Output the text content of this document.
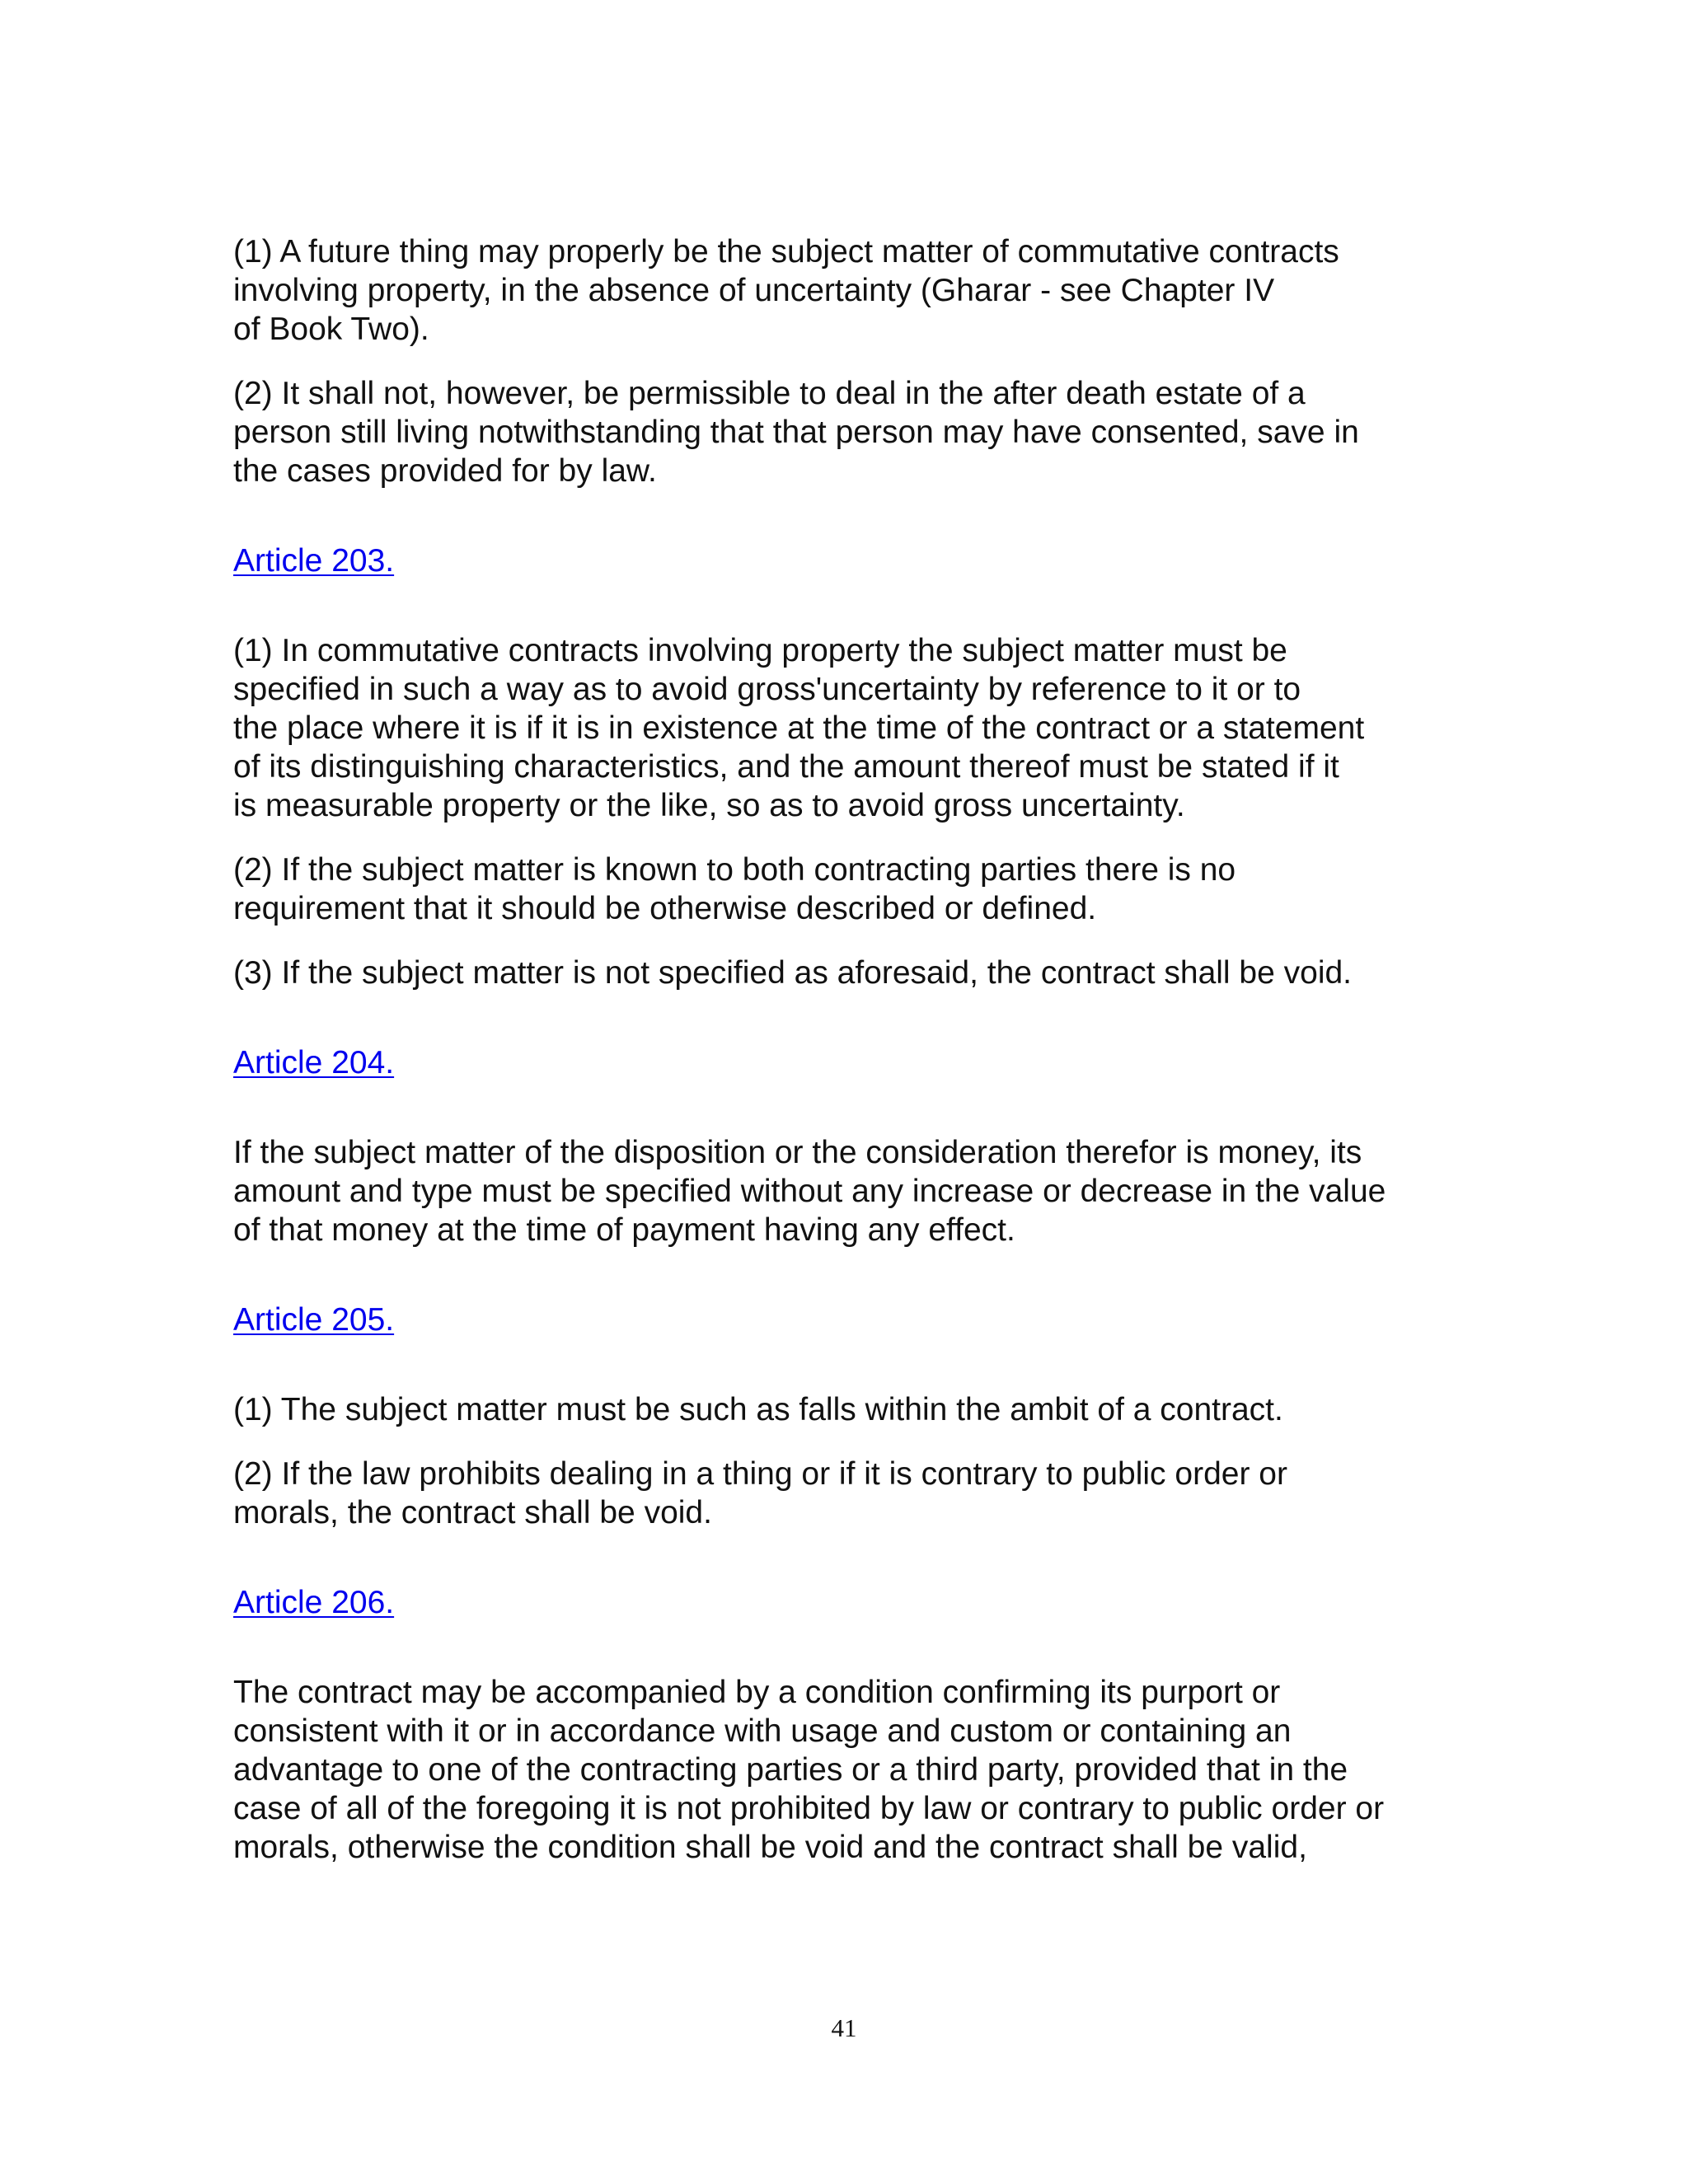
(1) A future thing may properly be the subject matter of commutative contracts
involving property, in the absence of uncertainty (Gharar - see Chapter IV
of Book Two).

(2) It shall not, however, be permissible to deal in the after death estate of a
person still living notwithstanding that that person may have consented, save in
the cases provided for by law.

Article 203.

(1) In commutative contracts involving property the subject matter must be
specified in such a way as to avoid gross'uncertainty by reference to it or to
the place where it is if it is in existence at the time of the contract or a statement
of its distinguishing characteristics, and the amount thereof must be stated if it
is measurable property or the like, so as to avoid gross uncertainty.

(2) If the subject matter is known to both contracting parties there is no
requirement that it should be otherwise described or defined.

(3) If the subject matter is not specified as aforesaid, the contract shall be void.

Article 204.

If the subject matter of the disposition or the consideration therefor is money, its
amount and type must be specified without any increase or decrease in the value
of that money at the time of payment having any effect.

Article 205.

(1) The subject matter must be such as falls within the ambit of a contract.

(2) If the law prohibits dealing in a thing or if it is contrary to public order or
morals, the contract shall be void.

Article 206.

The contract may be accompanied by a condition confirming its purport or
consistent with it or in accordance with usage and custom or containing an
advantage to one of the contracting parties or a third party, provided that in the
case of all of the foregoing it is not prohibited by law or contrary to public order or
morals, otherwise the condition shall be void and the contract shall be valid,

41
